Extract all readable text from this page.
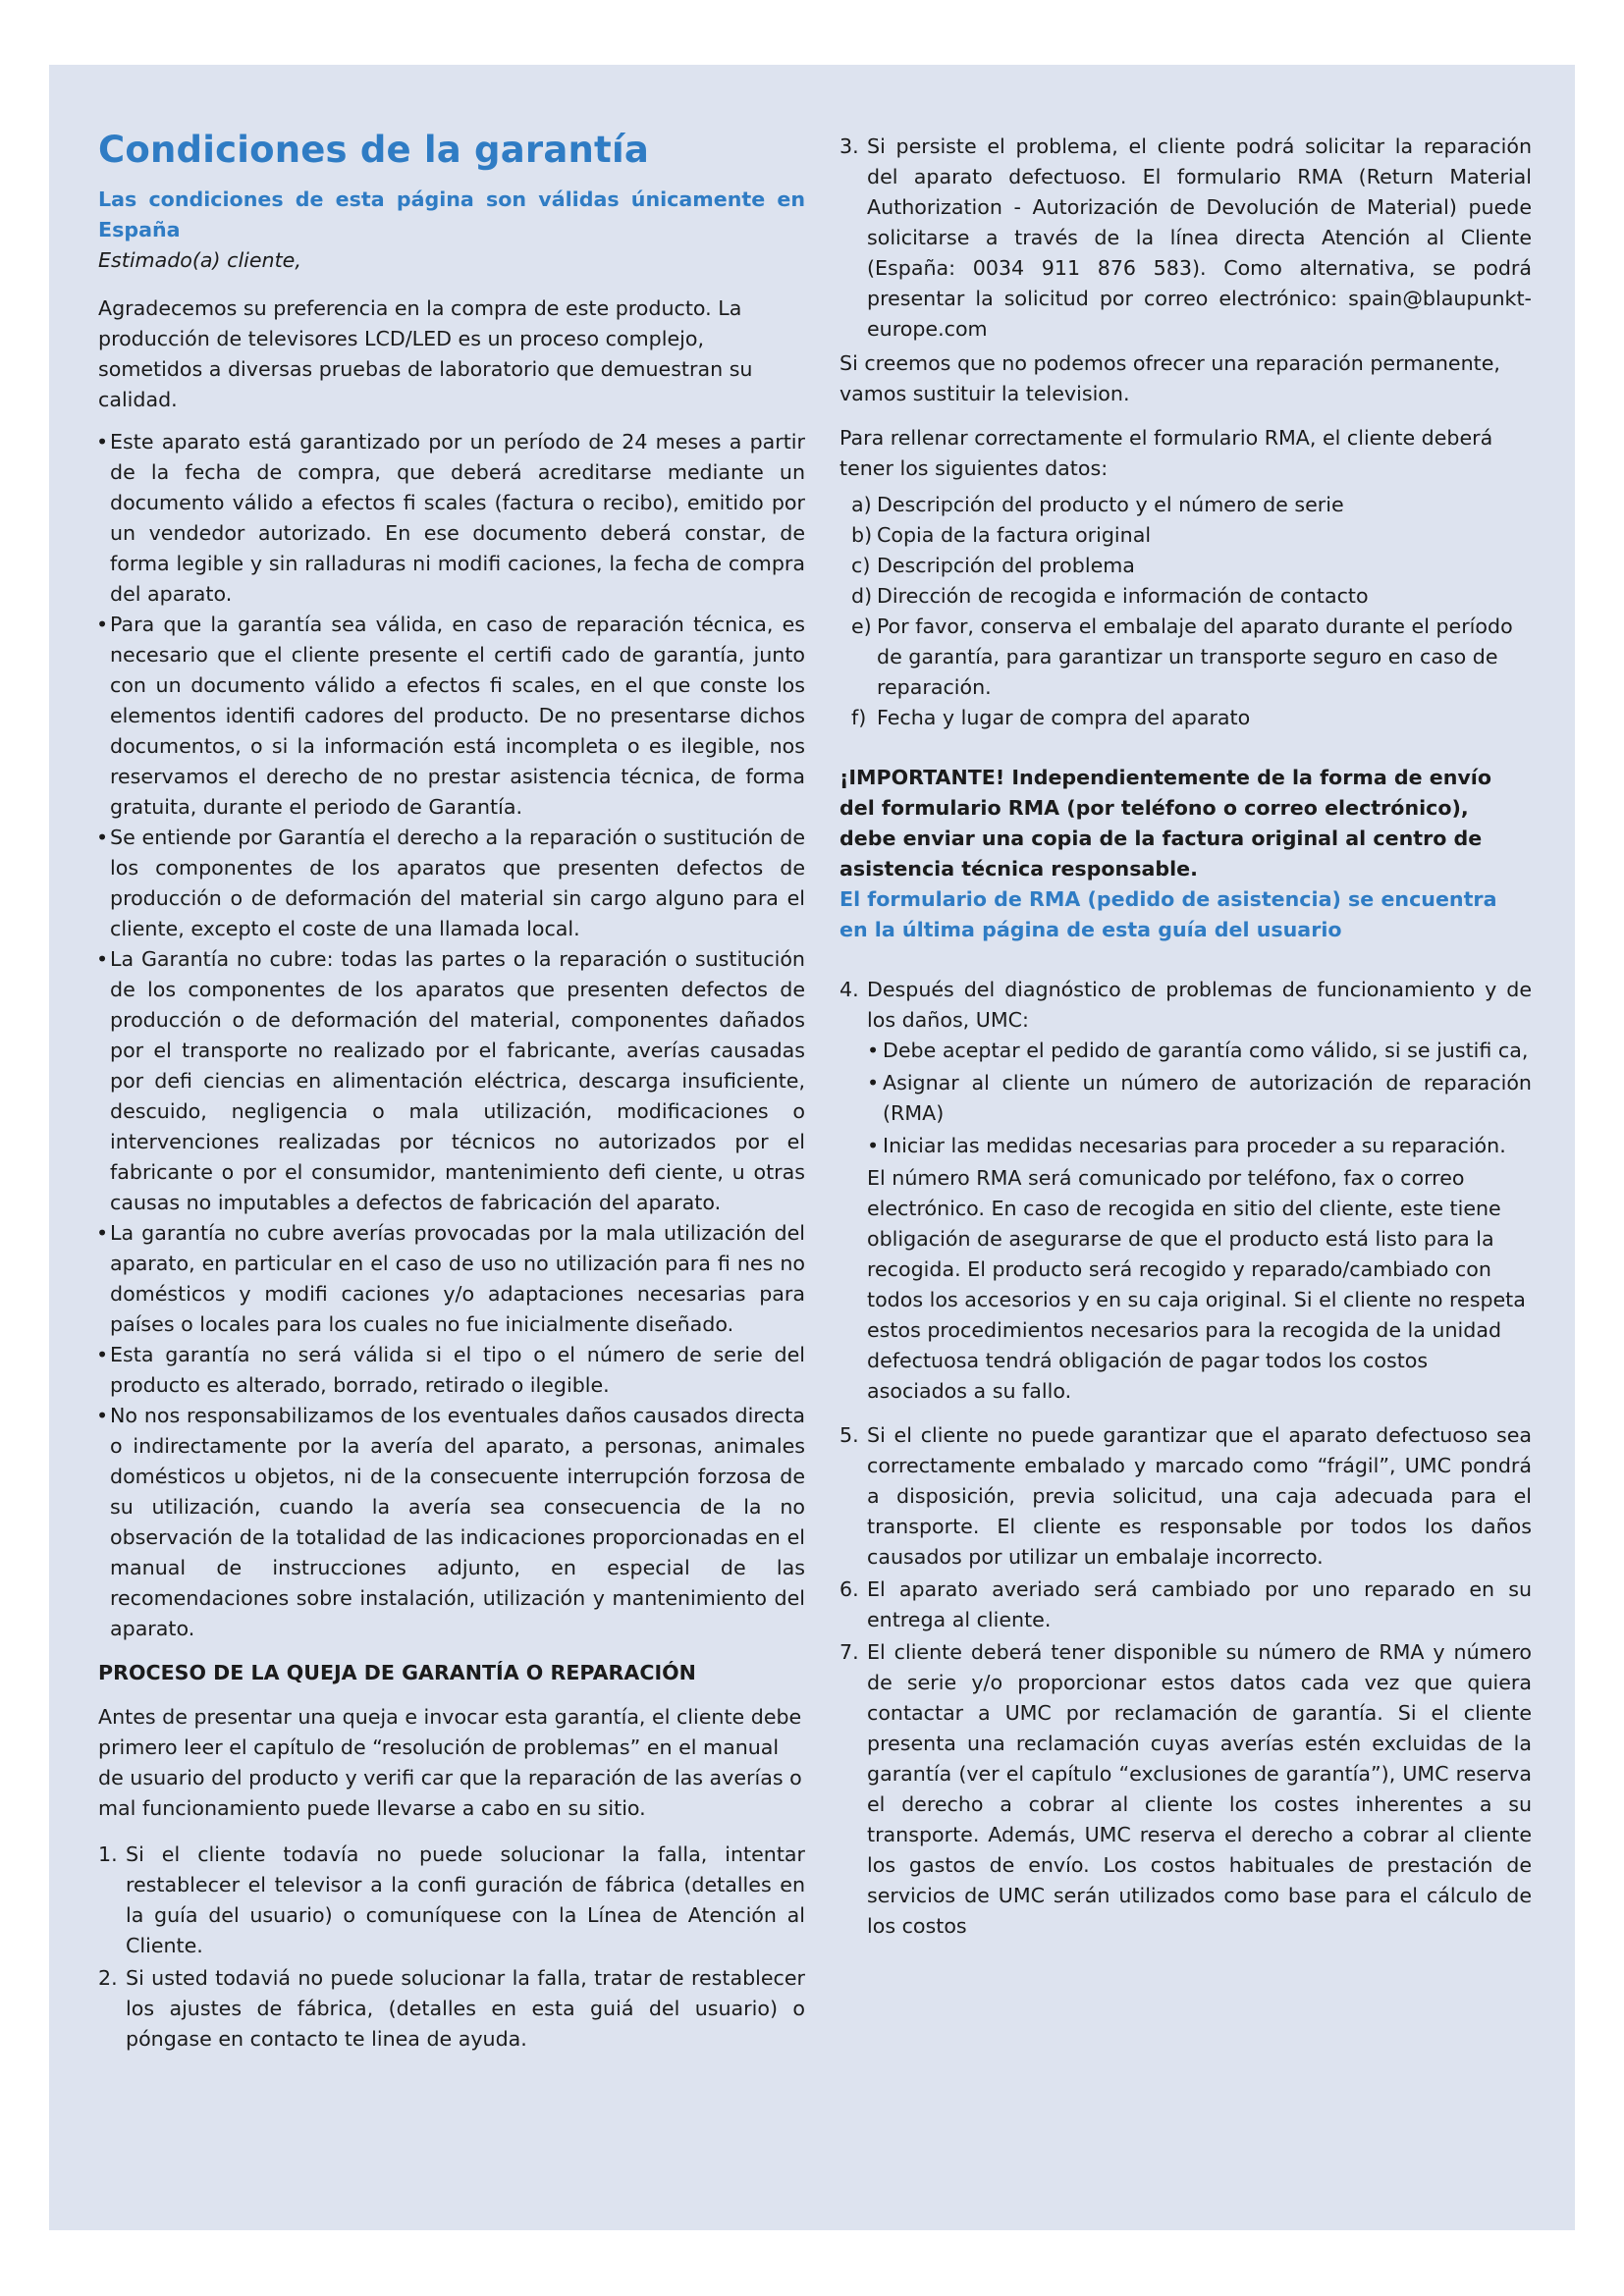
Condiciones de la garantía

Las condiciones de esta página son válidas únicamente en España

Estimado(a) cliente,

Agradecemos su preferencia en la compra de este producto. La producción de televisores LCD/LED es un proceso complejo, sometidos a diversas pruebas de laboratorio que demuestran su calidad.

• Este aparato está garantizado por un período de 24 meses a partir de la fecha de compra, que deberá acreditarse mediante un documento válido a efectos fi scales (factura o recibo), emitido por un vendedor autorizado. En ese documento deberá constar, de forma legible y sin ralladuras ni modifi caciones, la fecha de compra del aparato.
• Para que la garantía sea válida, en caso de reparación técnica, es necesario que el cliente presente el certifi cado de garantía, junto con un documento válido a efectos fi scales, en el que conste los elementos identifi cadores del producto. De no presentarse dichos documentos, o si la información está incompleta o es ilegible, nos reservamos el derecho de no prestar asistencia técnica, de forma gratuita, durante el periodo de Garantía.
• Se entiende por Garantía el derecho a la reparación o sustitución de los componentes de los aparatos que presenten defectos de producción o de deformación del material sin cargo alguno para el cliente, excepto el coste de una llamada local.
• La Garantía no cubre: todas las partes o la reparación o sustitución de los componentes de los aparatos que presenten defectos de producción o de deformación del material, componentes dañados por el transporte no realizado por el fabricante, averías causadas por defi ciencias en alimentación eléctrica, descarga insuficiente, descuido, negligencia o mala utilización, modificaciones o intervenciones realizadas por técnicos no autorizados por el fabricante o por el consumidor, mantenimiento defi ciente, u otras causas no imputables a defectos de fabricación del aparato.
• La garantía no cubre averías provocadas por la mala utilización del aparato, en particular en el caso de uso no utilización para fi nes no domésticos y modifi caciones y/o adaptaciones necesarias para países o locales para los cuales no fue inicialmente diseñado.
• Esta garantía no será válida si el tipo o el número de serie del producto es alterado, borrado, retirado o ilegible.
• No nos responsabilizamos de los eventuales daños causados directa o indirectamente por la avería del aparato, a personas, animales domésticos u objetos, ni de la consecuente interrupción forzosa de su utilización, cuando la avería sea consecuencia de la no observación de la totalidad de las indicaciones proporcionadas en el manual de instrucciones adjunto, en especial de las recomendaciones sobre instalación, utilización y mantenimiento del aparato.

PROCESO DE LA QUEJA DE GARANTÍA O REPARACIÓN

Antes de presentar una queja e invocar esta garantía, el cliente debe primero leer el capítulo de “resolución de problemas” en el manual de usuario del producto y verifi car que la reparación de las averías o mal funcionamiento puede llevarse a cabo en su sitio.

1. Si el cliente todavía no puede solucionar la falla, intentar restablecer el televisor a la confi guración de fábrica (detalles en la guía del usuario) o comuníquese con la Línea de Atención al Cliente.
2. Si usted todaviá no puede solucionar la falla, tratar de restablecer los ajustes de fábrica, (detalles en esta guiá del usuario) o póngase en contacto te linea de ayuda.
3. Si persiste el problema, el cliente podrá solicitar la reparación del aparato defectuoso. El formulario RMA (Return Material Authorization - Autorización de Devolución de Material) puede solicitarse a través de la línea directa Atención al Cliente (España: 0034 911 876 583). Como alternativa, se podrá presentar la solicitud por correo electrónico: spain@blaupunkt-europe.com

Si creemos que no podemos ofrecer una reparación permanente, vamos sustituir la television.

Para rellenar correctamente el formulario RMA, el cliente deberá tener los siguientes datos:

a) Descripción del producto y el número de serie
b) Copia de la factura original
c) Descripción del problema
d) Dirección de recogida e información de contacto
e) Por favor, conserva el embalaje del aparato durante el período de garantía, para garantizar un transporte seguro en caso de reparación.
f) Fecha y lugar de compra del aparato

¡IMPORTANTE! Independientemente de la forma de envío del formulario RMA (por teléfono o correo electrónico), debe enviar una copia de la factura original al centro de asistencia técnica responsable.

El formulario de RMA (pedido de asistencia) se encuentra en la última página de esta guía del usuario

4. Después del diagnóstico de problemas de funcionamiento y de los daños, UMC:
• Debe aceptar el pedido de garantía como válido, si se justifi ca,
• Asignar al cliente un número de autorización de reparación (RMA)
• Iniciar las medidas necesarias para proceder a su reparación.

El número RMA será comunicado por teléfono, fax o correo electrónico. En caso de recogida en sitio del cliente, este tiene obligación de asegurarse de que el producto está listo para la recogida. El producto será recogido y reparado/cambiado con todos los accesorios y en su caja original. Si el cliente no respeta estos procedimientos necesarios para la recogida de la unidad defectuosa tendrá obligación de pagar todos los costos asociados a su fallo.

5. Si el cliente no puede garantizar que el aparato defectuoso sea correctamente embalado y marcado como “frágil”, UMC pondrá a disposición, previa solicitud, una caja adecuada para el transporte. El cliente es responsable por todos los daños causados por utilizar un embalaje incorrecto.
6. El aparato averiado será cambiado por uno reparado en su entrega al cliente.
7. El cliente deberá tener disponible su número de RMA y número de serie y/o proporcionar estos datos cada vez que quiera contactar a UMC por reclamación de garantía. Si el cliente presenta una reclamación cuyas averías estén excluidas de la garantía (ver el capítulo “exclusiones de garantía”), UMC reserva el derecho a cobrar al cliente los costes inherentes a su transporte. Además, UMC reserva el derecho a cobrar al cliente los gastos de envío. Los costos habituales de prestación de servicios de UMC serán utilizados como base para el cálculo de los costos
